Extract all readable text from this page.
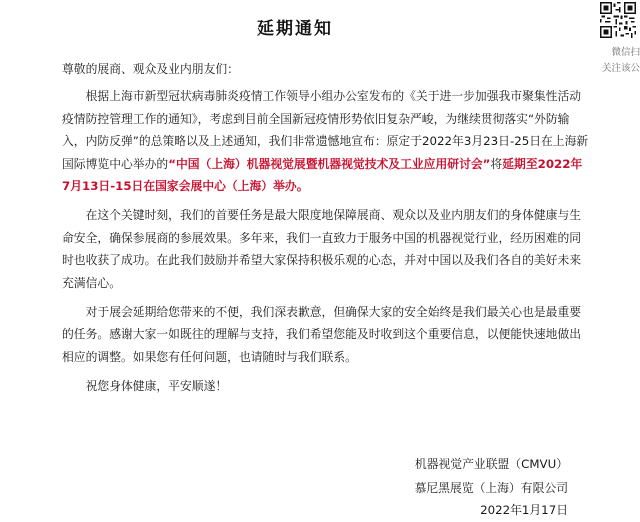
延期通知

尊敬的展商、观众及业内朋友们：

根据上海市新型冠状病毒肺炎疫情工作领导小组办公室发布的《关于进一步加强我市聚集性活动疫情防控管理工作的通知》，考虑到目前全国新冠疫情形势依旧复杂严峻，为继续贯彻落实“外防输入，内防反弹”的总策略以及上述通知，我们非常遗憾地宣布：原定于2022年3月23日-25日在上海新国际博览中心举办的“中国（上海）机器视觉展暨机器视觉技术及工业应用研讨会”将延期至2022年7月13日-15日在国家会展中心（上海）举办。

在这个关键时刻，我们的首要任务是最大限度地保障展商、观众以及业内朋友们的身体健康与生命安全，确保参展商的参展效果。多年来，我们一直致力于服务中国的机器视觉行业，经历困难的同时也收获了成功。在此我们鼓励并希望大家保持积极乐观的心态，并对中国以及我们各自的美好未来充满信心。

对于展会延期给您带来的不便，我们深表歉意，但确保大家的安全始终是我们最关心也是最重要的任务。感谢大家一如既往的理解与支持，我们希望您能及时收到这个重要信息，以便能快速地做出相应的调整。如果您有任何问题，也请随时与我们联系。

祝您身体健康，平安顺遂！

机器视觉产业联盟（CMVU）
慕尼黑展览（上海）有限公司
2022年1月17日
微信扫
关注该公
